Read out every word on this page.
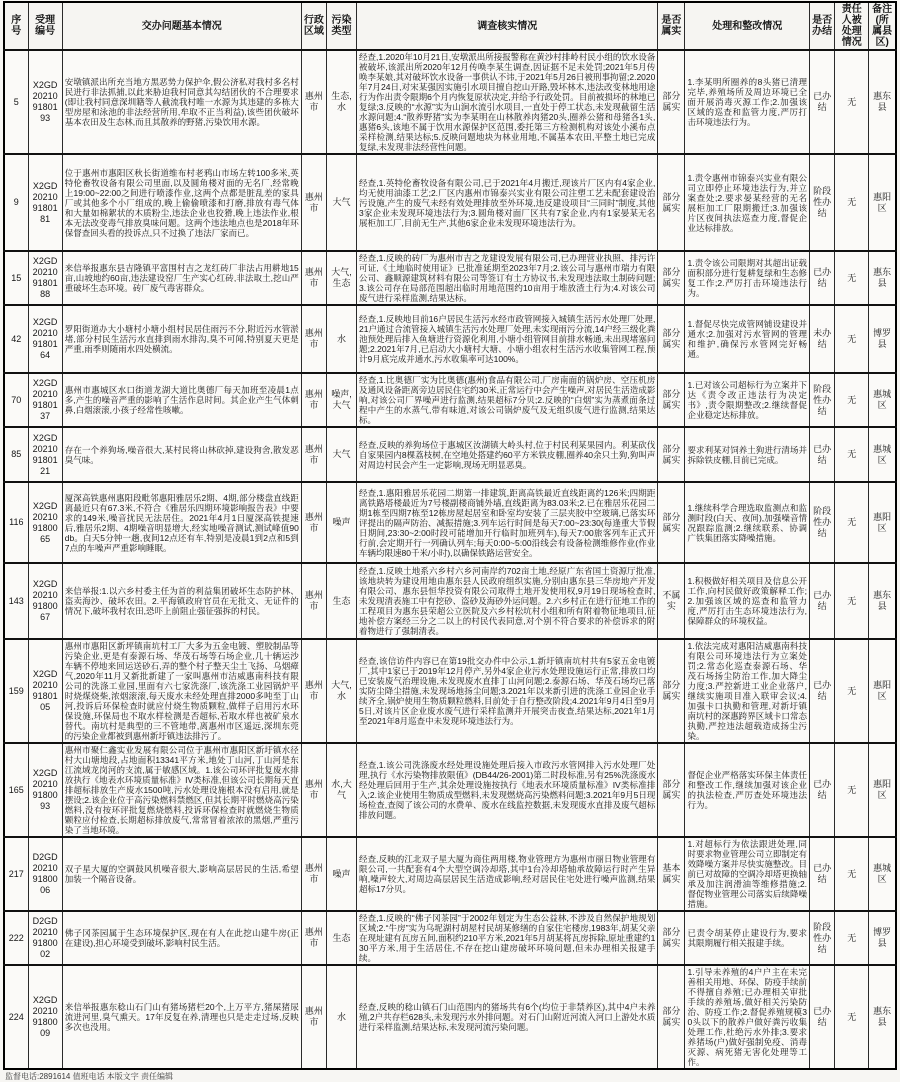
序号	受理编号	交办问题基本情况	行政区域	污染类型	调查核实情况	是否属实	处理和整改情况	是否办结	责任人被处理情况	备注(所属县区)
5	X2GD202109180193	安墩镇派出所充当地方黑恶势力保护伞,假公济私对我村多名村民进行非法抓捕,以此来胁迫我村同意其勾结团伙的不合理要求(即让我村同意深圳籍等人截流我村唯一水源为其违建的多栋大型房屋和泳池的非法经营所用,牟取不正当利益),该些团伙破坏基本农田及生态林,而且其散养的野猪,污染饮用水源。	惠州市	生态,水	经查,1.2020年10月21日,安墩派出所接报警称在黄沙村排岭村民小组的饮水设备被破坏,该派出所2020年12月传唤李某生调查,因证据不足未处罚;2021年5月传唤李某娘,其对破坏饮水设备一事供认不讳,于2021年5月26日被刑事拘留;2.2020年7月24日,对宋某强因实施引水项目擅自挖山开路,毁坏林木,违法改变林地用途行为作出责令限期6个月内恢复原状决定,并给予行政处罚。目前被损坏的林地已复绿;3.反映的“水源”实为山涧水流引水项目,一直处于停工状态,未发现截留生活水源问题;4.“散养野猪”实为李某明在山林散养肉猪20头,圈养公猪和母猪各1头,惠猪6头,该地不属于饮用水源保护区范围,委托第三方检测机构对该处小溪布点采样检测,结果达标;5.反映问题地块为林业用地,不属基本农田,平整土地已完成复绿,未发现非法经营性问题。	部分属实	1.李某明所圈养的8头猪已清理完毕,养殖场所及周边环境已全面开展消毒灭源工作;2.加强该区域的巡查和监管力度,严厉打击环境违法行为。	已办结	无	惠东县
9	X2GD202109180181	位于惠州市惠阳区秋长街道维布村老鸦山市场左转100多米,英特伦畜牧设备有限公司里面,以及圆角楼对面的无名厂,经常晚上19:00~22:00之间进行喷漆作业,这两个点都是脏乱差的家具厂或其他多个小厂组成的,晚上偷偷喷漆和打磨,排放有毒气体和大量如棉絮状的木质粉尘,违法企业也狡猾,晚上违法作业,根本无法改变毒气排放臭味问题。这两个违法地点也是2018年环保督查回头看的投诉点,只不过换了违法厂家而已。	惠州市	大气	经查,1.英特伦畜牧设备有限公司,已于2021年4月搬迁,现该片厂区内有4家企业,均无使用油漆工艺;2.厂区内惠州市锦泰兴实业有限公司注塑工艺未配套建设治污设施,产生的废气未经有效处理排放至外环境,违反建设项目“三同时”制度,其他3家企业未发现环境违法行为;3.圆角楼对面厂区共有7家企业,内有1家晏某无名展柜加工厂,目前无生产,其他6家企业未发现环境违法行为。	部分属实	1.责令惠州市锦泰兴实业有限公司立即停止环境违法行为,并立案查处;2.要求晏某经营的无名展柜加工厂限期搬迁;3.加强该片区夜间执法巡查力度,督促企业达标排放。	阶段性办结	无	惠阳区
15	X2GD202109180188	来信举报惠东县吉隆镇平富围村吉之龙红砖厂非法占用耕地15亩,山坡地约60亩,违法建设窑厂生产实心红砖,非法取土,挖山严重破坏生态环境。砖厂废气毒害群众。	惠州市	大气,生态	经查,1.反映的砖厂为惠州市吉之龙建设发展有限公司,已办理营业执照、排污许可证,《土地临时使用证》已批准延期至2023年7月;2.该公司与惠州市瑞力有限公司、鑫顺源建筑材料有限公司等签订有土方协议书,未发现违法取土制砖问题;3.该公司存在局部范围超出临时用地范围约10亩用于堆放渣土行为;4.对该公司废气进行采样监测,结果达标。	部分属实	1.责令该公司限期对其超出证载面积部分进行复耕复绿和生态修复工作;2.严厉打击环境违法行为。	已办结	无	惠东县
42	X2GD202109180164	罗阳街道办大小塘村小塘小组村民居住雨污不分,附近污水管淤堵,部分村民生活污水直排到雨水排沟,臭不可闻,特别夏天更是严重,雨季则随雨水四处横流。	惠州市	水	经查,1.反映地目前16户居民生活污水经市政管网接入城镇生活污水处理厂处理,21户通过合流管接入城镇生活污水处理厂处理,未实现雨污分流,14户经三级化粪池预处理后排入鱼塘进行资源化利用,小塘小组管网目前排水畅通,未出现堵塞问题;2.2021年7月,已启动大小塘村大塘、小塘小组农村生活污水收集管网工程,预计9月底完成并通水,污水收集率可达100%。	部分属实	1.督促尽快完成管网铺设建设并通水;2.加强对污水管网的管理和维护,确保污水管网完好畅通。	未办结	无	博罗县
70	X2GD202109180137	惠州市惠城区水口街道龙湖大道比奥德厂每天加班至凌晨1点多,产生的噪音严重的影响了生活作息时间。其企业产生气体刺鼻,白烟滚滚,小孩子经常性咳嗽。	惠州市	噪声,大气	经查,1.比奥德厂实为比奥德(惠州)食品有限公司,厂房南面的锅炉房、空压机房及通风设备距离旁边居民住宅约30米,正常运行中会产生噪声,对居民生活造成影响,对该公司厂界噪声进行监测,结果超标7分贝;2.反映的“白烟”实为蒸煮面条过程中产生的水蒸气,带有味道,对该公司锅炉废气及无组织废气进行监测,结果达标。	部分属实	1.已对该公司超标行为立案并下达《责令改正违法行为决定书》,责令限期整改;2.继续督促企业稳定达标排放。	阶段性办结	无	惠城区
85	X2GD202109180121	存在一个养狗场,噪音很大,某村民将山林砍掉,建设狗舍,散发恶臭气味。	惠州市	大气	经查,反映的养狗场位于惠城区汝湖镇大岭头村,位于村民利某果园内。利某砍伐自家果园内8棵荔枝树,在空地处搭建约60平方米铁皮棚,圈养40余只土狗,狗叫声对周边村民会产生一定影响,现场无明显恶臭。	部分属实	要求利某对饲养土狗进行清场并拆除铁皮棚,目前已完成。	已办结	无	惠城区
116	X2GD202109180065	厦深高铁惠州惠阳段毗邻惠阳雅居乐2期、4期,部分楼盘直线距离最近只有67.3米,不符合《雅居乐四期环境影响报告表》中要求的149米,噪音扰民无法居住。2021年4月1日厦深高铁提速后,雅居乐2期、4期噪音明显增大,经实地噪音测试,测试峰值90db。白天5分钟一趟,夜间12点还有车,特别是凌晨1到2点和5到7点的车噪声严重影响睡眠。	惠州市	噪声	经查,1.惠阳雅居乐花园二期第一排建筑,距离高铁最近直线距离约126米;四期距离铁路塔楼最近为7号楼副楼商铺外墙,直线距离为83.03米;2.已在雅居乐花园二期1栋至四期7栋至12栋房屋起居室和卧室均安装了三层夹胶中空玻璃,已落实环评提出的隔声防治、减振措施;3.列车运行时间是每天7:00~23:30(每逢重大节假日期间,23:30~2:00时段可能增加开行临时加班列车),每天7:00旅客列车正式开行前,会定期开行一列确认列车;每天0:00~5:00沿线会有设备检测维修作业(作业车辆均限速80千米/小时),以确保铁路运营安全。	部分属实	1.继续科学合理选取监测点和监测时段(白天、夜间),加强噪音情况跟踪监测;2.继续联系、协调广铁集团落实降噪措施。	阶段性办结	无	惠阳区
143	X2GD202109180067	来信举报:1.以六乡村委主任为首的利益集团破坏生态防护林、盗卖海沙、破坏农田。2.平海镇政府官员在无批文、无证件的情况下,破坏我村农田,恐吓上前阻止强征强拆的村民。	惠州市	生态	经查,1.反映土地系六乡村六乡河南岸约702亩土地,经原广东省国土资源厅批准,该地块转为建设用地由惠东县人民政府组织实施,分别由惠东县三华房地产开发有限公司、惠东县恒华投资有限公司取得土地开发使用权,9月19日现场检查时,未发现清表施工中有挖砂、盗砂及海砂外运问题。2.六乡村正在进行征地工作的工程项目为惠东县荣超公立医院及六乡村松坑村小组和所有附着物征地项目,征地补偿方案经三分之二以上的村民代表同意,对个别不符合要求的补偿诉求的附着物进行了强制清表。	不属实	1.积极做好相关项目及信息公开工作,向村民做好政策解释工作;2.加强该区域的巡查和监管力度,严厉打击生态环境违法行为,保障群众的环境权益。	已办结	无	惠东县
159	X2GD202109180105	惠州市惠阳区新坪镇南坑村工厂大多为五金电镀、塑胶制品等污染企业,更是有泰源石场、华茂石场等石场企业,几十辆运沙车辆不停地来回运送砂石,弄的整个村子整天尘土飞扬、乌烟瘴气,2020年11月又新批新建了一家叫惠州市洁威惠南科技有限公司的洗涤工业园,里面有六七家洗涤厂,该洗涤工业园锅炉平时烧煤烧柴,浓烟滚滚,每天废水未经处理直排2000多吨至丁山河,投诉后环保检查时就应付烧生物质颗粒,做样子启用污水环保设施,环保局也不取水样检测是否超标,若取水样也被矿泉水替代。南坑村是典型的三不管地带,离惠州市区遥远,深圳东莞的污染企业都被到惠州新圩镇违法排污了。	惠州市	大气,水	经查,该信访件内容已在第19批交办件中公示,1.新圩镇南坑村共有5家五金电镀厂,其中1家已于2019年12月停产,另外4家企业污水处理设施运行正常,排放口均已安装废气治理设施,未发现废水直排丁山河问题;2.泰源石场、华茂石场均已落实防尘降尘措施,未发现场地扬尘问题;3.2021年以来新引进的洗涤工业园企业手续齐全,锅炉使用生物质颗粒燃料,目前处于自行整改阶段;4.2021年9月4日至9月5日,对该片区企业废水废气进行采样监测并开展突击夜查,结果达标,2021年1月至2021年8月巡查中未发现环境违法行为。	部分属实	1.依法完成对惠阳洁威惠南科技有限公司环境违法行为立案处罚;2.常态化巡查泰源石场、华茂石场扬尘防治工作,加大降尘力度;3.严控新进工业企业落户,继续实施项目准入联审会议;4.加强卡口执勤和管理,对新圩镇南坑村的深惠跨界区域卡口常态执勤,严控违法超载造成扬尘污染。	已办结	无	惠阳区
165	X2GD202109180093	惠州市聚仁鑫实业发展有限公司位于惠州市惠阳区新圩镇水径村大山塘地段,占地面积13341平方米,地处丁山河,丁山河是东江流域龙岗河的支流,属于敏感区域。1.该公司环评批复废水排放执行《地表水环境质量标准》IV类标准,但该公司长期每天直排超标排放生产废水1500吨,污水处理设施根本没有启用,就是摆设;2.该企业位于高污染燃料禁燃区,但其长期平时燃烧高污染燃料,没有按环评批复燃烧燃料,投诉环保检查时就燃烧生物质颗粒应付检查,长期超标排放废气,常常冒着浓浓的黑烟,严重污染了当地环境。	惠州市	水,大气	经查,1.该公司洗涤废水经处理设施处理后接入市政污水管网排入污水处理厂处理,执行《水污染物排放限值》(DB44/26-2001)第二时段标准,另有25%洗涤废水经处理后回用于生产,其余处理设施按执行《地表水环境质量标准》IV类标准排入;2.该企业使用生物质成型燃料,未发现燃烧高污染燃料问题;3.2021年9月5日现场检查,查阅了该公司的水费单、废水在线监控数据,未发现废水直排及废气超标排放问题。	部分属实	督促企业严格落实环保主体责任和整改工作,继续加强对该企业的执法检查,严厉查处环境违法行为。	已办结	无	惠阳区
217	D2GD202109180006	双子星大厦的空调鼓风机噪音很大,影响高层居民的生活,希望加装一个隔音设备。	惠州市	噪声	经查,反映的江北双子星大厦为商住两用楼,物业管理方为惠州市丽日物业管理有限公司,一共配套有4个大型空调冷却塔,其中1台冷却塔轴承故障运行时产生异响,噪声较大,对周边高层居民生活造成影响,经对居民住宅处进行噪声监测,结果超标17分贝。	基本属实	1.对超标行为依法跟进处理,同时要求物业管理公司立即制定有效降噪方案并尽快实施整改。目前已对故障的空调冷却塔更换轴承及加注润滑油等维修措施;2.督促物业管理公司落实后续降噪措施。	已办结	无	惠城区
222	D2GD202109180002	佛子冈茶园属于生态环境保护区,现在有人在此挖山建牛房(正在建设),担心环境受到破坏,影响村民生活。	惠州市	生态	经查,1.反映的“佛子冈茶园”于2002年划定为生态公益林,不涉及自然保护地规划区域;2.“牛房”实为乌坭湖村胡屋村民胡某修缮的自家住宅楼房,1983年,胡某父亲在现址建有瓦房五间,面积约210平方米,2021年5月胡某将瓦房拆除,原址重建约130平方米,用于生活居住,不存在挖山建房破坏环境问题,但未办理相关报建手续。	部分属实	已责令胡某停止建设行为,要求其限期履行相关报建手续。	阶段性办结	无	博罗县
224	X2GD202109180009	来信举报惠东稔山石门山有猪场猪栏20个,上万平方,猪屎猪尿流进河里,臭气熏天。17年反复在养,清理也只是走走过场,反映多次也没用。	惠州市	水	经查,反映的稔山镇石门山范围内的猪场共有6个(均位于非禁养区),其中4户未养殖,2户共存栏628头,未发现污水外排问题。对石门山附近河流入河口上游处水质进行采样监测,结果达标,未发现河流污染问题。	部分属实	1.引导未养殖的4户户主在未完善相关用地、环保、防疫手续前不得擅自养殖;已办理相关审批手续的养殖场,做好相关污染防治、防疫工作;2.督促养殖规模30头以下的散养户做好粪污收集处理工作,杜绝污水外排;3.要求养猪场(户)做好强制免疫、消毒灭源、病死猪无害化处理等工作。	已办结	无	惠东县
监督电话:2891614 值班电话 本版文字 责任编辑
